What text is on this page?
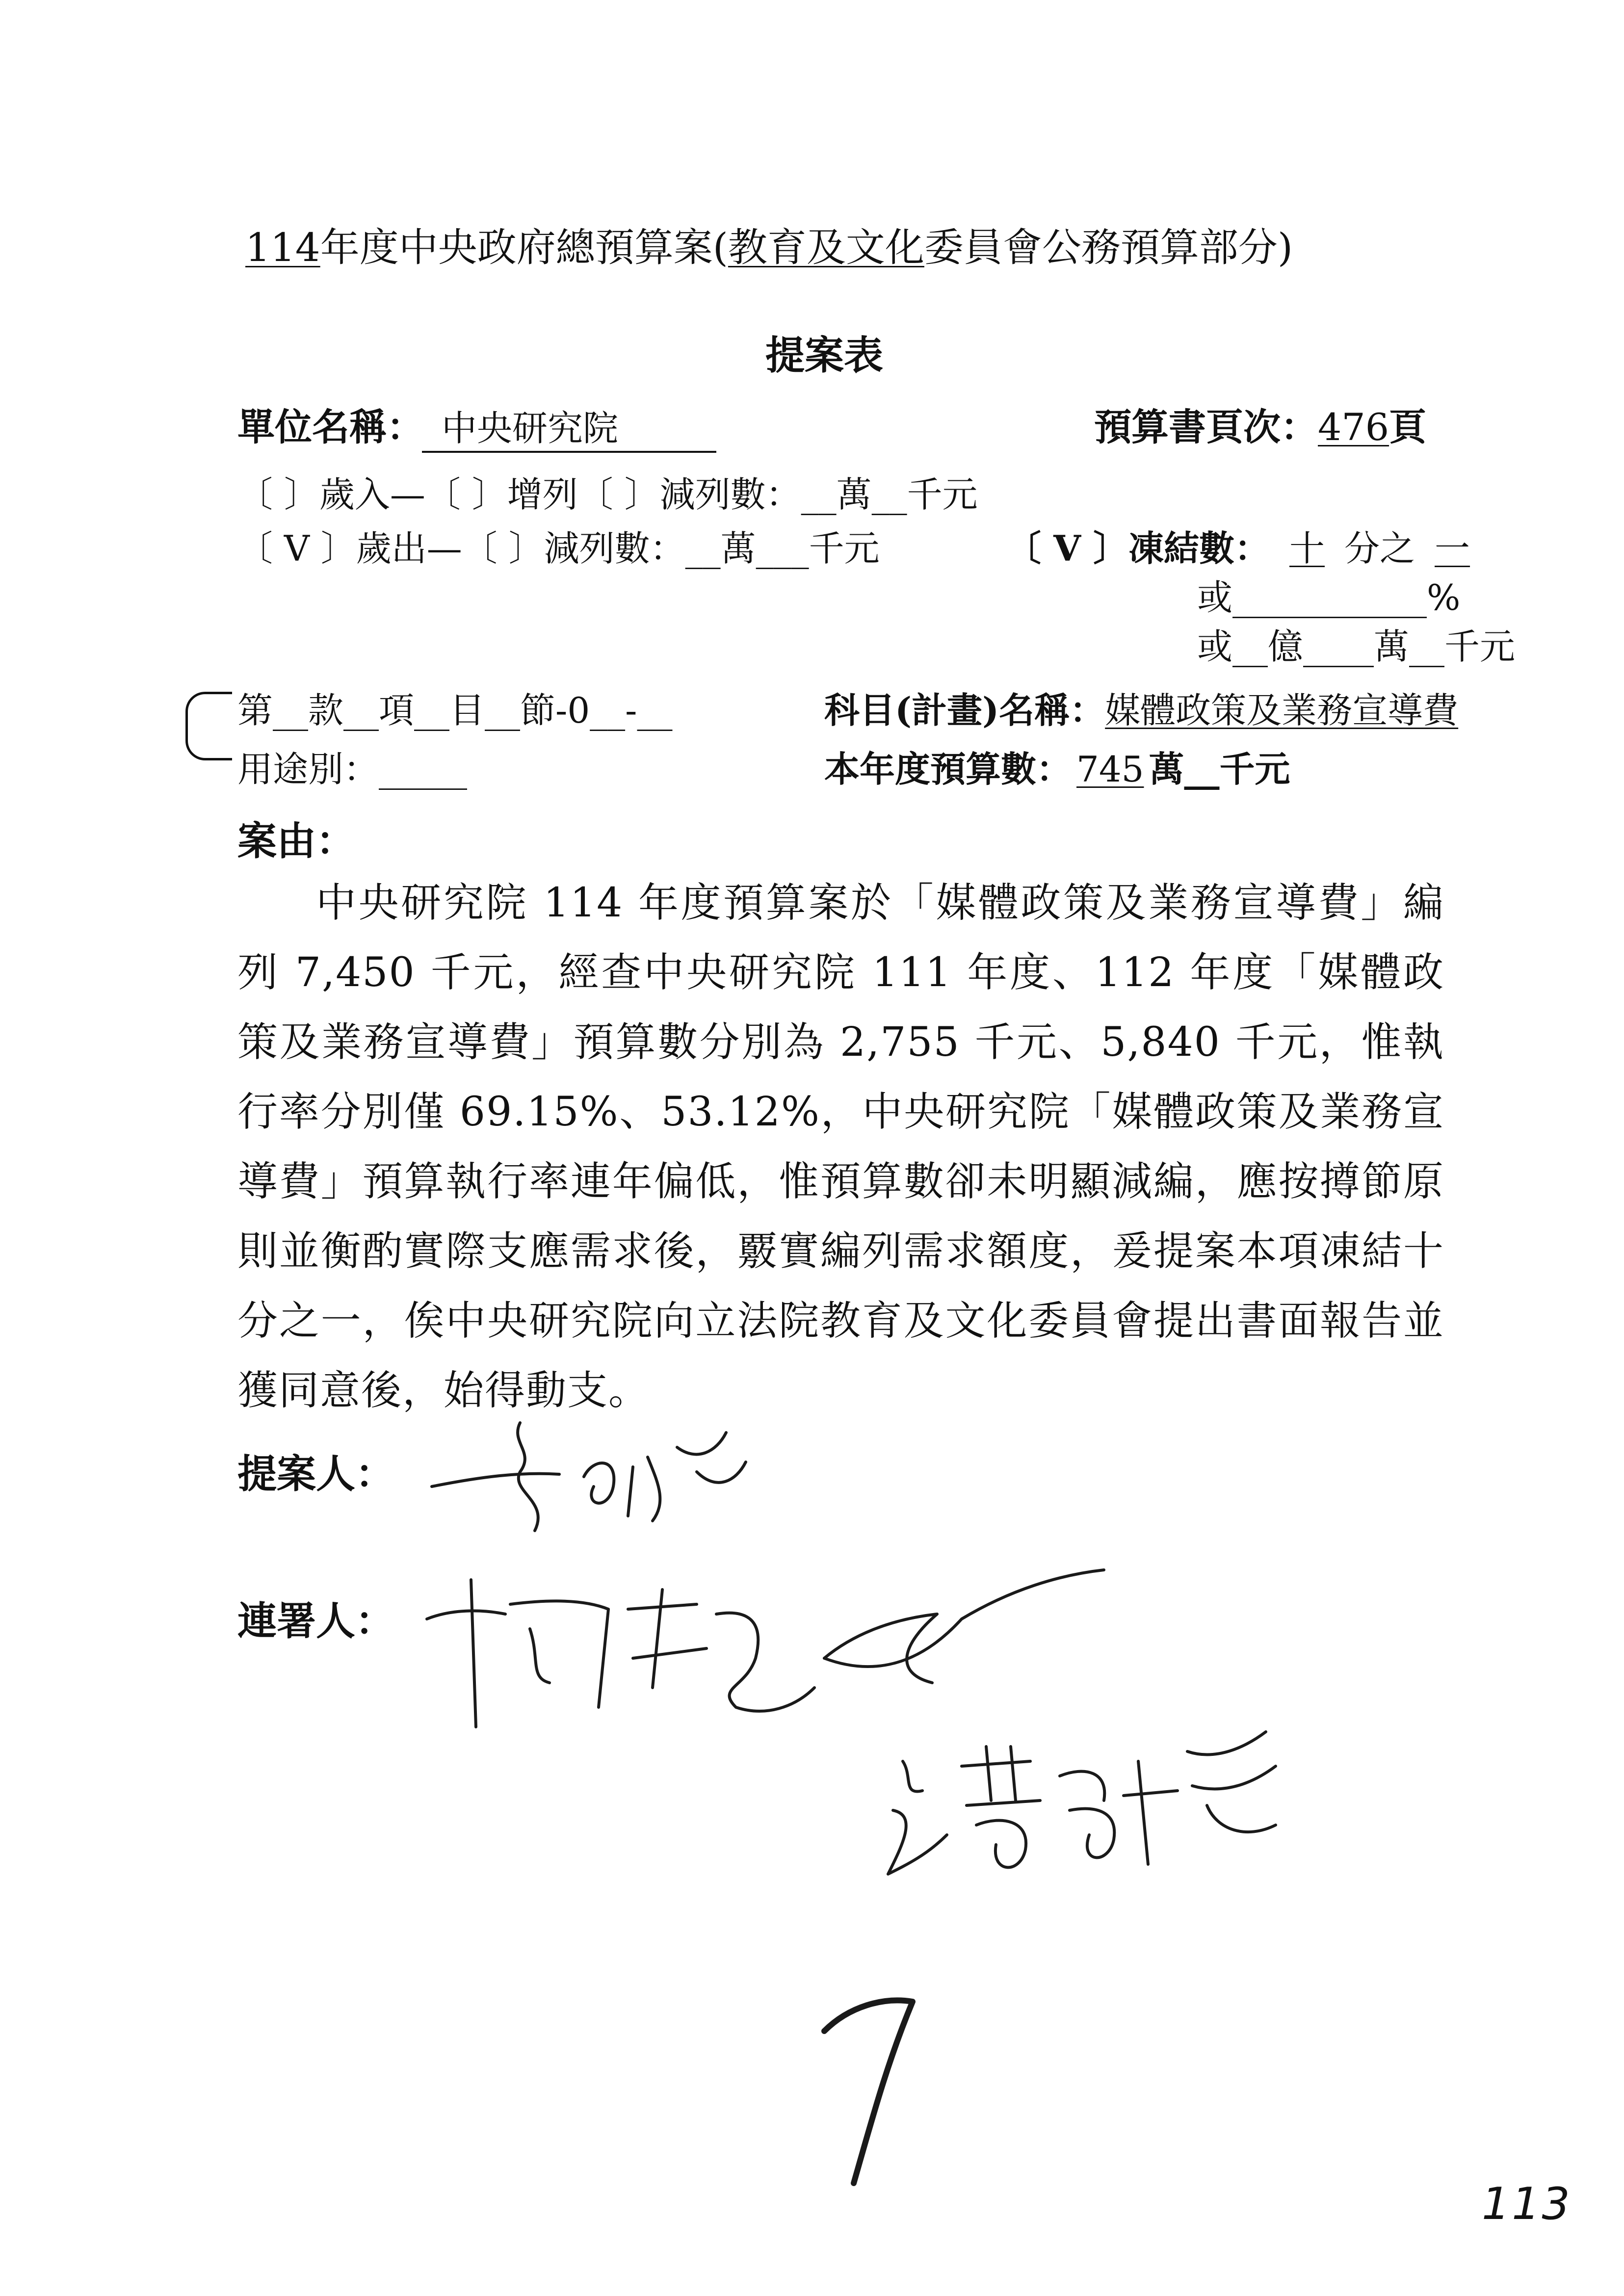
114年度中央政府總預算案(教育及文化委員會公務預算部分)
提案表
單位名稱： 中央研究院	預算書頁次：476頁
〔 〕歲入—〔 〕增列〔 〕減列數：__萬__千元
〔 V 〕歲出—〔 〕減列數：__萬___千元	〔 V 〕凍結數： 十 分之 一
或___________%
或__億____萬__千元
第__款__項__目__節-0__-__
用途別：_____
科目(計畫)名稱：媒體政策及業務宣導費
本年度預算數： 745 萬__千元
案由：
中央研究院 114 年度預算案於「媒體政策及業務宣導費」編列 7,450 千元，經查中央研究院 111 年度、112 年度「媒體政策及業務宣導費」預算數分別為 2,755 千元、5,840 千元，惟執行率分別僅 69.15%、53.12%，中央研究院「媒體政策及業務宣導費」預算執行率連年偏低，惟預算數卻未明顯減編，應按撙節原則並衡酌實際支應需求後，覈實編列需求額度，爰提案本項凍結十分之一，俟中央研究院向立法院教育及文化委員會提出書面報告並獲同意後，始得動支。
提案人：
連署人：
113
